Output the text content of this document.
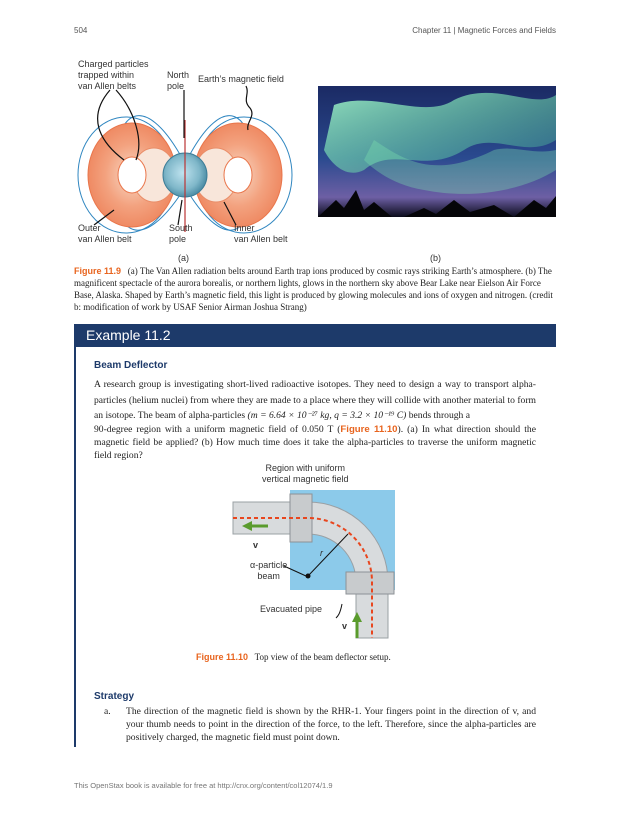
504	Chapter 11 | Magnetic Forces and Fields
Charged particles
trapped within
van Allen belts
North
pole
Earth’s magnetic field
Outer
van Allen belt
South
pole
Inner
van Allen belt
(a)	(b)
Figure 11.9 (a) The Van Allen radiation belts around Earth trap ions produced by cosmic rays striking Earth’s atmosphere. (b) The magnificent spectacle of the aurora borealis, or northern lights, glows in the northern sky above Bear Lake near Eielson Air Force Base, Alaska. Shaped by Earth’s magnetic field, this light is produced by glowing molecules and ions of oxygen and nitrogen. (credit b: modification of work by USAF Senior Airman Joshua Strang)
Example 11.2
Beam Deflector
A research group is investigating short-lived radioactive isotopes. They need to design a way to transport alpha-particles (helium nuclei) from where they are made to a place where they will collide with another material to form an isotope. The beam of alpha-particles (m = 6.64 × 10⁻²⁷ kg, q = 3.2 × 10⁻¹⁹ C) bends through a
90-degree region with a uniform magnetic field of 0.050 T (Figure 11.10). (a) In what direction should the magnetic field be applied? (b) How much time does it take the alpha-particles to traverse the uniform magnetic field region?
Region with uniform
vertical magnetic field
v
r
α-particle
beam
Evacuated pipe
v
Figure 11.10 Top view of the beam deflector setup.
Strategy
a. The direction of the magnetic field is shown by the RHR-1. Your fingers point in the direction of v, and your thumb needs to point in the direction of the force, to the left. Therefore, since the alpha-particles are positively charged, the magnetic field must point down.
This OpenStax book is available for free at http://cnx.org/content/col12074/1.9
